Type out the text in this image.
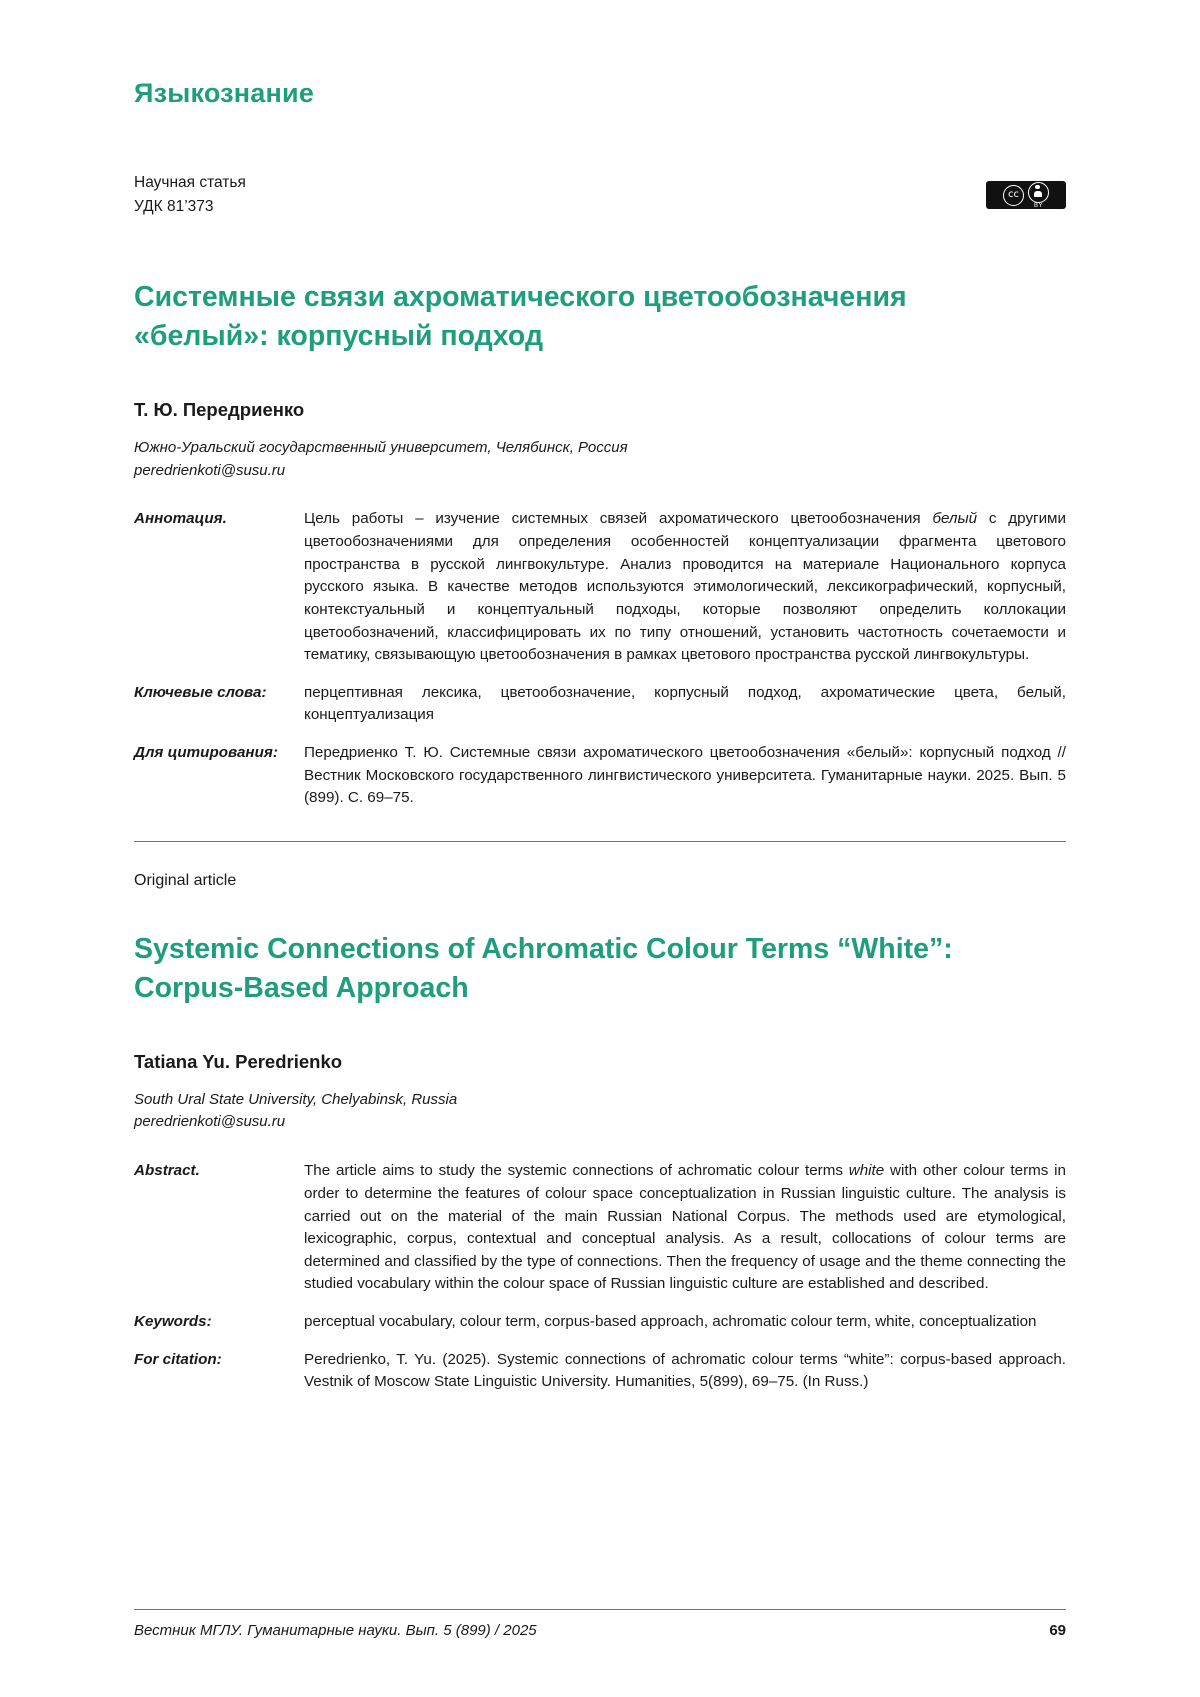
Языкознание
Научная статья
УДК 81’373
cc
BY
Системные связи ахроматического цветообозначения «белый»: корпусный подход
Т. Ю. Передриенко
Южно-Уральский государственный университет, Челябинск, Россия
peredrienkoti@susu.ru
Аннотация.	Цель работы – изучение системных связей ахроматического цветообозначения белый с другими цветообозначениями для определения особенностей концептуализации фрагмента цветового пространства в русской лингвокультуре. Анализ проводится на материале Национального корпуса русского языка. В качестве методов используются этимологический, лексикографический, корпусный, контекстуальный и концептуальный подходы, которые позволяют определить коллокации цветообозначений, классифицировать их по типу отношений, установить частотность сочетаемости и тематику, связывающую цветообозначения в рамках цветового пространства русской лингвокультуры.
Ключевые слова:	перцептивная лексика, цветообозначение, корпусный подход, ахроматические цвета, белый, концептуализация
Для цитирования:	Передриенко Т. Ю. Системные связи ахроматического цветообозначения «белый»: корпусный подход // Вестник Московского государственного лингвистического университета. Гуманитарные науки. 2025. Вып. 5 (899). С. 69–75.
Original article
Systemic Connections of Achromatic Colour Terms “White”: Corpus-Based Approach
Tatiana Yu. Peredrienko
South Ural State University, Chelyabinsk, Russia
peredrienkoti@susu.ru
Abstract.	The article aims to study the systemic connections of achromatic colour terms white with other colour terms in order to determine the features of colour space conceptualization in Russian linguistic culture. The analysis is carried out on the material of the main Russian National Corpus. The methods used are etymological, lexicographic, corpus, contextual and conceptual analysis. As a result, collocations of colour terms are determined and classified by the type of connections. Then the frequency of usage and the theme connecting the studied vocabulary within the colour space of Russian linguistic culture are established and described.
Keywords:	perceptual vocabulary, colour term, corpus-based approach, achromatic colour term, white, conceptualization
For citation:	Peredrienko, T. Yu. (2025). Systemic connections of achromatic colour terms “white”: corpus-based approach. Vestnik of Moscow State Linguistic University. Humanities, 5(899), 69–75. (In Russ.)
Вестник МГЛУ. Гуманитарные науки. Вып. 5 (899) / 2025	69
